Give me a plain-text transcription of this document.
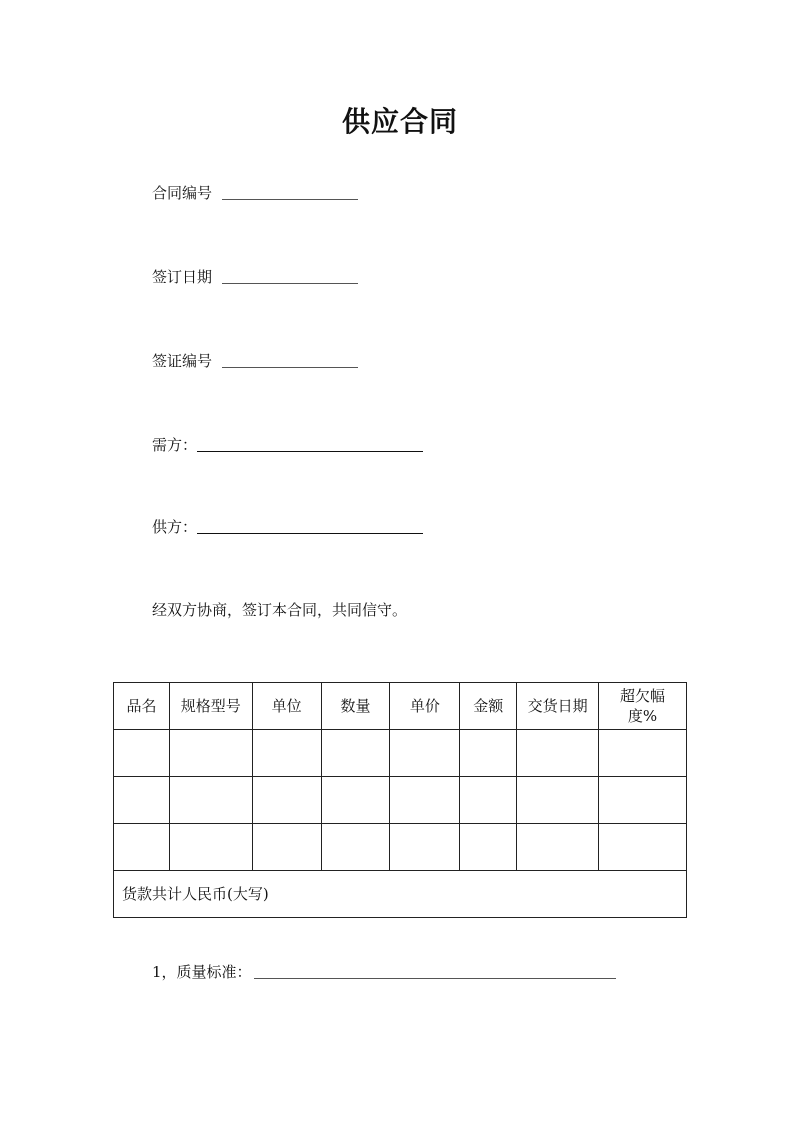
供应合同
合同编号
签订日期
签证编号
需方：
供方：
经双方协商，签订本合同，共同信守。
品名	规格型号	单位	数量	单价	金额	交货日期	超欠幅度%

货款共计人民币(大写)							
1，质量标准：
